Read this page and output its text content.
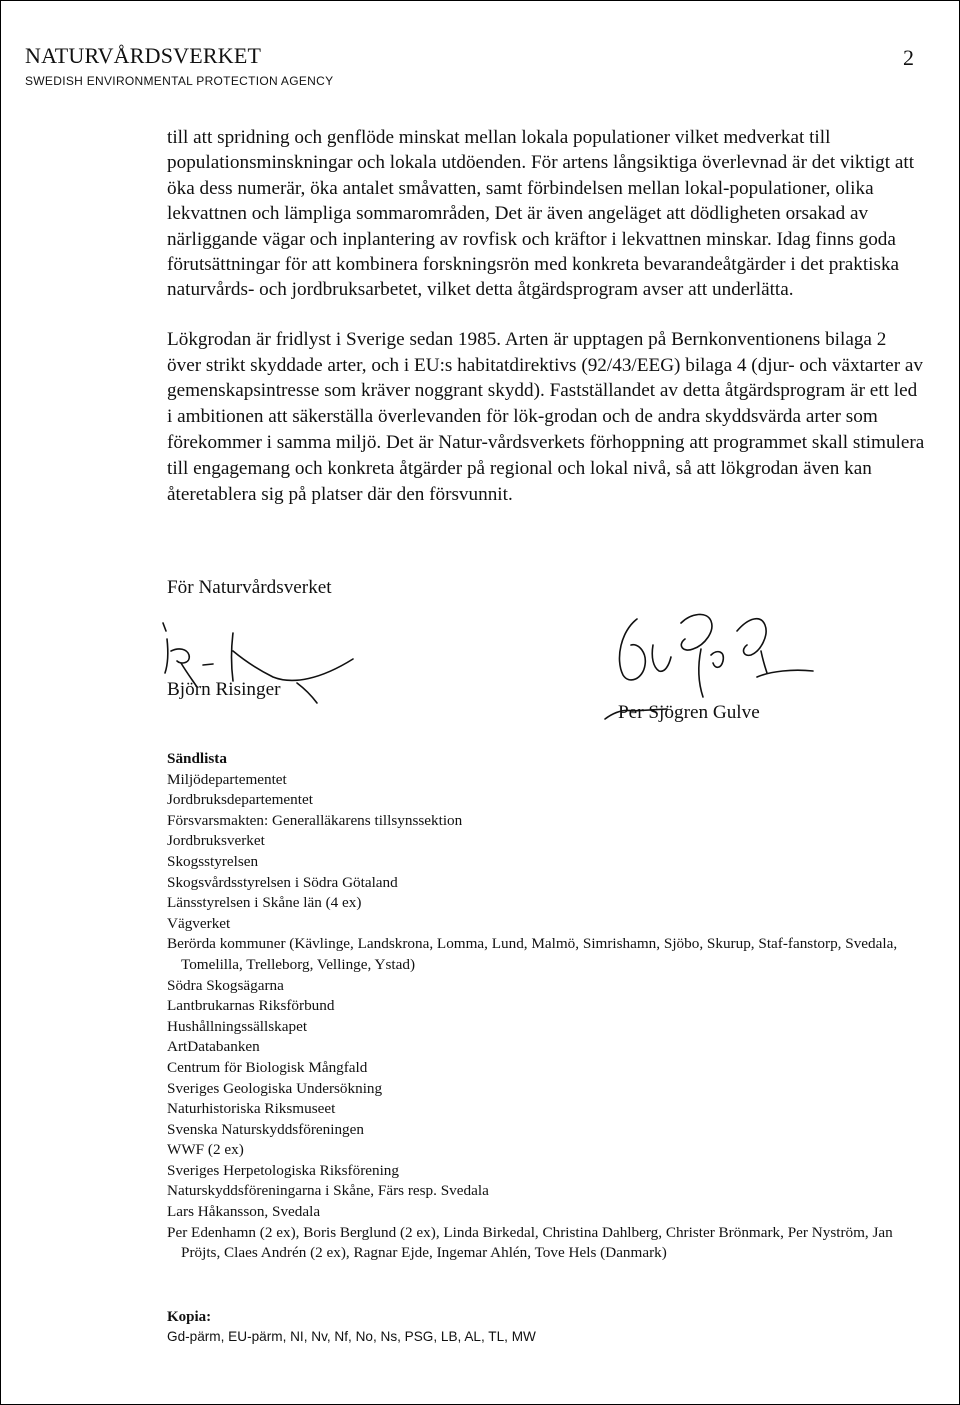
NATURVÅRDSVERKET
SWEDISH ENVIRONMENTAL PROTECTION AGENCY
2

till att spridning och genflöde minskat mellan lokala populationer vilket medverkat till populationsminskningar och lokala utdöenden. För artens långsiktiga överlevnad är det viktigt att öka dess numerär, öka antalet småvatten, samt förbindelsen mellan lokal-populationer, olika lekvattnen och lämpliga sommarområden, Det är även angeläget att dödligheten orsakad av närliggande vägar och inplantering av rovfisk och kräftor i lekvattnen minskar. Idag finns goda förutsättningar för att kombinera forskningsrön med konkreta bevarandeåtgärder i det praktiska naturvårds- och jordbruksarbetet, vilket detta åtgärdsprogram avser att underlätta.

Lökgrodan är fridlyst i Sverige sedan 1985. Arten är upptagen på Bernkonventionens bilaga 2 över strikt skyddade arter, och i EU:s habitatdirektivs (92/43/EEG) bilaga 4 (djur- och växtarter av gemenskapsintresse som kräver noggrant skydd). Fastställandet av detta åtgärdsprogram är ett led i ambitionen att säkerställa överlevanden för lök-grodan och de andra skyddsvärda arter som förekommer i samma miljö. Det är Natur-vårdsverkets förhoppning att programmet skall stimulera till engagemang och konkreta åtgärder på regional och lokal nivå, så att lökgrodan även kan återetablera sig på platser där den försvunnit.

För Naturvårdsverket
Björn Risinger
Per Sjögren Gulve
Sändlista
Miljödepartementet
Jordbruksdepartementet
Försvarsmakten: Generalläkarens tillsynssektion
Jordbruksverket
Skogsstyrelsen
Skogsvårdsstyrelsen i Södra Götaland
Länsstyrelsen i Skåne län (4 ex)
Vägverket
Berörda kommuner (Kävlinge, Landskrona, Lomma, Lund, Malmö, Simrishamn, Sjöbo, Skurup, Staf-fanstorp, Svedala, Tomelilla, Trelleborg, Vellinge, Ystad)
Södra Skogsägarna
Lantbrukarnas Riksförbund
Hushållningssällskapet
ArtDatabanken
Centrum för Biologisk Mångfald
Sveriges Geologiska Undersökning
Naturhistoriska Riksmuseet
Svenska Naturskyddsföreningen
WWF (2 ex)
Sveriges Herpetologiska Riksförening
Naturskyddsföreningarna i Skåne, Färs resp. Svedala
Lars Håkansson, Svedala
Per Edenhamn (2 ex), Boris Berglund (2 ex), Linda Birkedal, Christina Dahlberg, Christer Brönmark, Per Nyström, Jan Pröjts, Claes Andrén (2 ex), Ragnar Ejde, Ingemar Ahlén, Tove Hels (Danmark)
Kopia:
Gd-pärm, EU-pärm, NI, Nv, Nf, No, Ns, PSG, LB, AL, TL, MW
